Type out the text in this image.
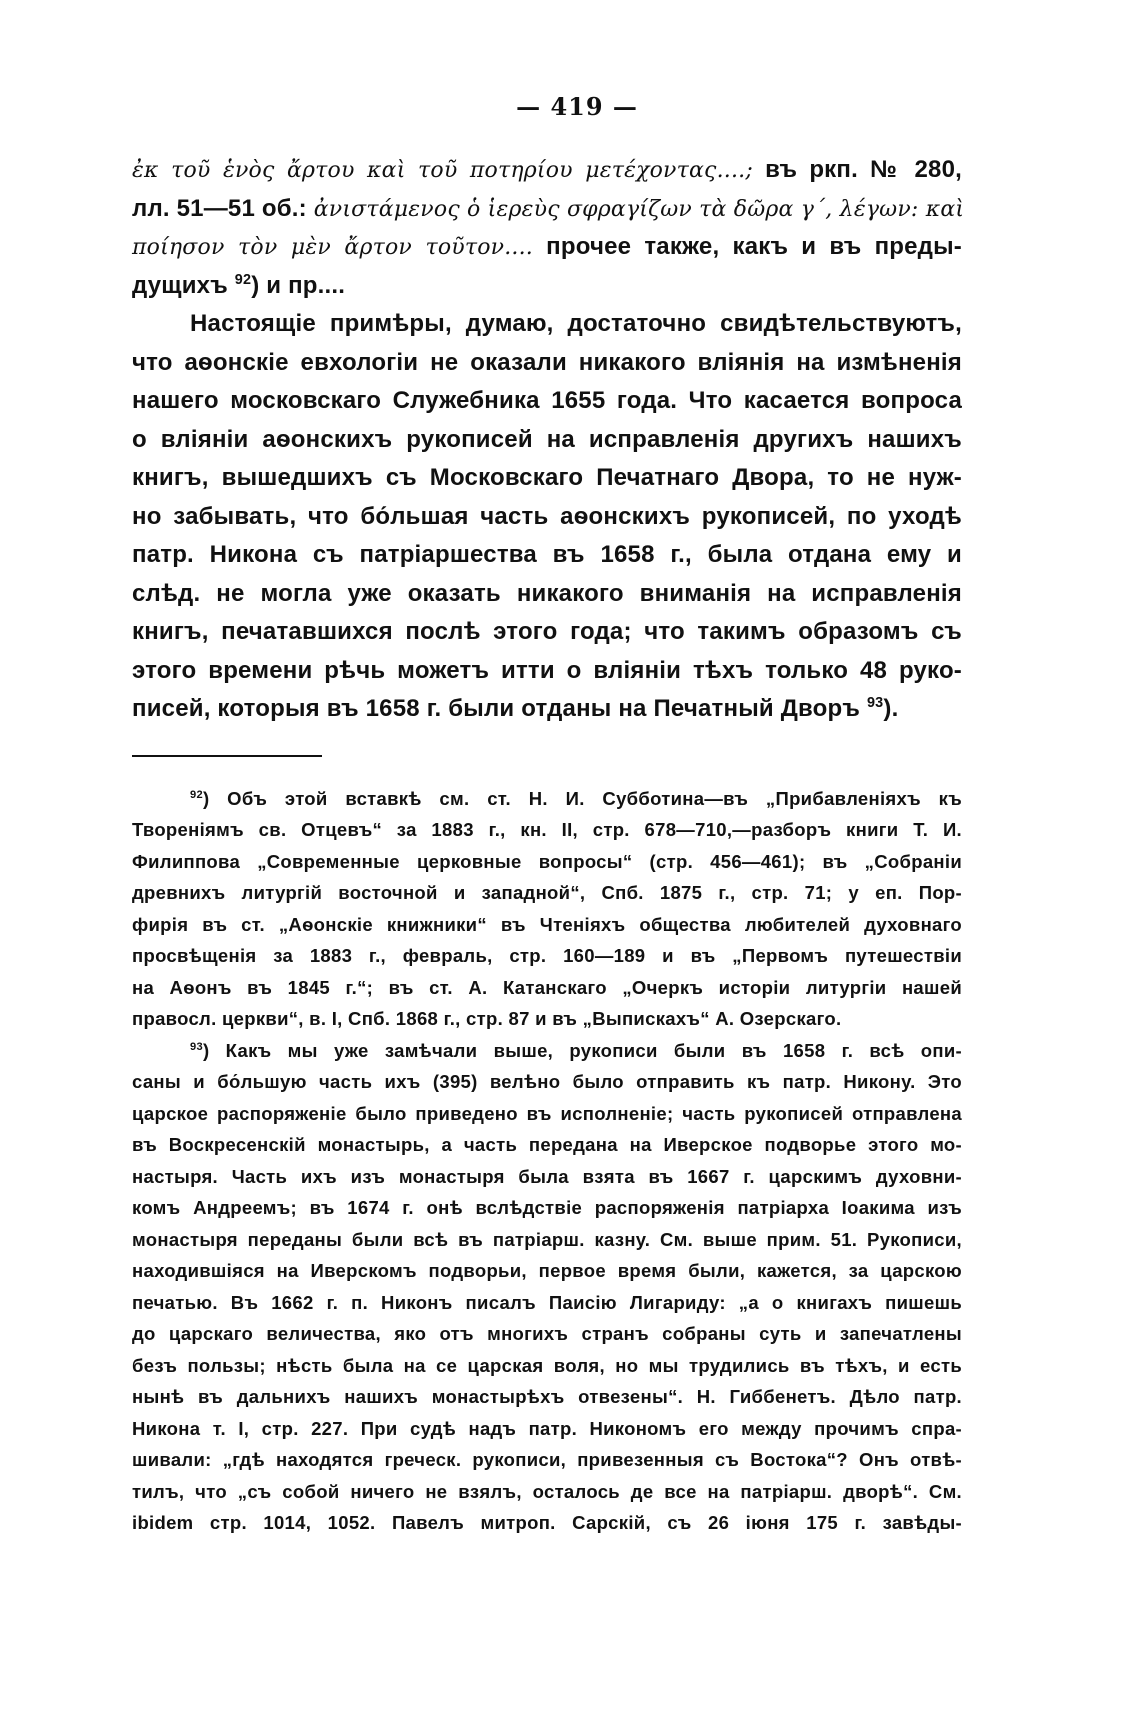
— 419 —
ἐκ τοῦ ἑνὸς ἄρτου καὶ τοῦ ποτηρίου μετέχοντας....; въ ркп. № 280,
лл. 51—51 об.: ἀνιστάμενος ὁ ἱερεὺς σφραγίζων τὰ δῶρα γ΄, λέγων: καὶ
ποίησον τὸν μὲν ἄρτον τοῦτον.... прочее также, какъ и въ преды-
дущихъ $^{92}$) и пр....
Настоящіе примѣры, думаю, достаточно свидѣтельствуютъ,
что аѳонскіе евхологіи не оказали никакого вліянія на измѣненія
нашего московскаго Служебника 1655 года. Что касается вопроса
о вліяніи аѳонскихъ рукописей на исправленія другихъ нашихъ
книгъ, вышедшихъ съ Московскаго Печатнаго Двора, то не нуж-
но забывать, что бо́льшая часть аѳонскихъ рукописей, по уходѣ
патр. Никона съ патріаршества въ 1658 г., была отдана ему и
слѣд. не могла уже оказать никакого вниманія на исправленія
книгъ, печатавшихся послѣ этого года; что такимъ образомъ съ
этого времени рѣчь можетъ итти о вліяніи тѣхъ только 48 руко-
писей, которыя въ 1658 г. были отданы на Печатный Дворъ $^{93}$).
$^{92}$) Объ этой вставкѣ см. ст. Н. И. Субботина—въ „Прибавленіяхъ къ
Твореніямъ св. Отцевъ“ за 1883 г., кн. II, стр. 678—710,—разборъ книги Т. И.
Филиппова „Современные церковные вопросы“ (стр. 456—461); въ „Собраніи
древнихъ литургій восточной и западной“, Спб. 1875 г., стр. 71; у еп. Пор-
фирія въ ст. „Аѳонскіе книжники“ въ Чтеніяхъ общества любителей духовнаго
просвѣщенія за 1883 г., февраль, стр. 160—189 и въ „Первомъ путешествіи
на Аѳонъ въ 1845 г.“; въ ст. А. Катанскаго „Очеркъ исторіи литургіи нашей
правосл. церкви“, в. I, Спб. 1868 г., стр. 87 и въ „Выпискахъ“ А. Озерскаго.
$^{93}$) Какъ мы уже замѣчали выше, рукописи были въ 1658 г. всѣ опи-
саны и бо́льшую часть ихъ (395) велѣно было отправить къ патр. Никону. Это
царское распоряженіе было приведено въ исполненіе; часть рукописей отправлена
въ Воскресенскій монастырь, а часть передана на Иверское подворье этого мо-
настыря. Часть ихъ изъ монастыря была взята въ 1667 г. царскимъ духовни-
комъ Андреемъ; въ 1674 г. онѣ вслѣдствіе распоряженія патріарха Іоакима изъ
монастыря переданы были всѣ въ патріарш. казну. См. выше прим. 51. Рукописи,
находившіяся на Иверскомъ подворьи, первое время были, кажется, за царскою
печатью. Въ 1662 г. п. Никонъ писалъ Паисію Лигариду: „а о книгахъ пишешь
до царскаго величества, яко отъ многихъ странъ собраны суть и запечатлены
безъ пользы; нѣсть была на се царская воля, но мы трудились въ тѣхъ, и есть
нынѣ въ дальнихъ нашихъ монастырѣхъ отвезены“. Н. Гиббенетъ. Дѣло патр.
Никона т. I, стр. 227. При судѣ надъ патр. Никономъ его между прочимъ спра-
шивали: „гдѣ находятся греческ. рукописи, привезенныя съ Востока“? Онъ отвѣ-
тилъ, что „съ собой ничего не взялъ, осталось де все на патріарш. дворѣ“. См.
ibidem стр. 1014, 1052. Павелъ митроп. Сарскій, съ 26 іюня 175 г. завѣды-
